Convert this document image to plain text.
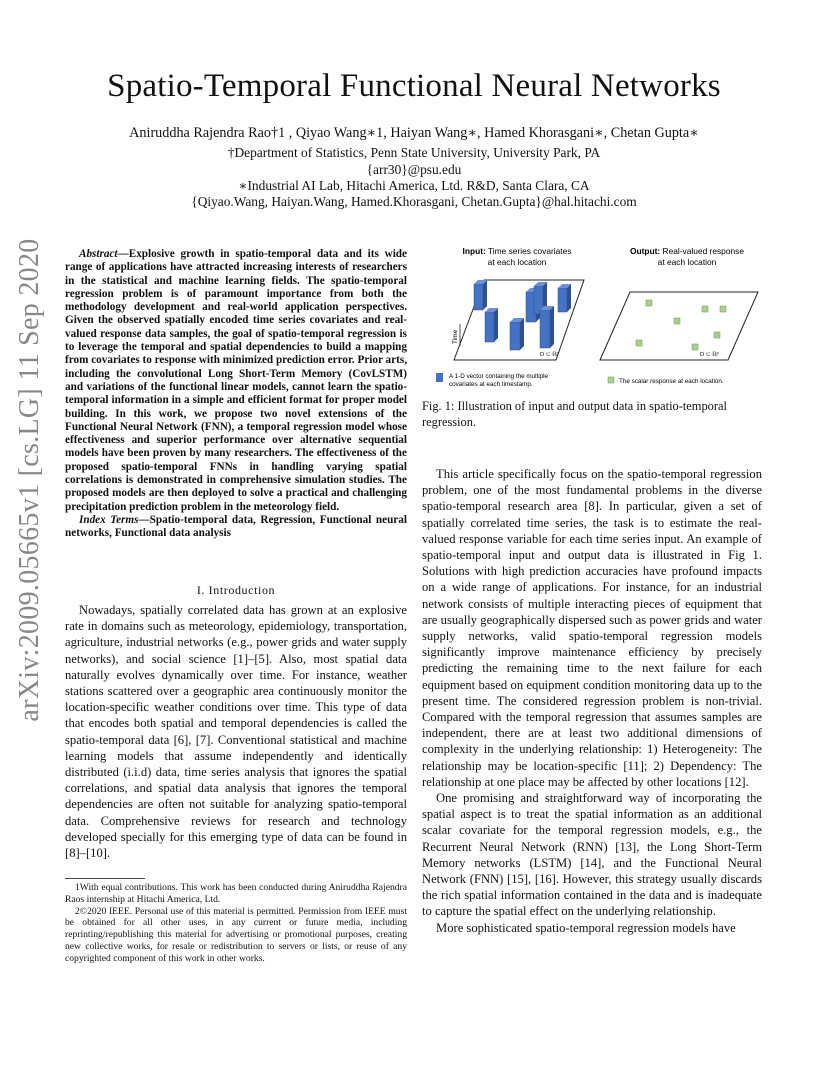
Spatio-Temporal Functional Neural Networks
Aniruddha Rajendra Rao†1 , Qiyao Wang∗1, Haiyan Wang∗, Hamed Khorasgani∗, Chetan Gupta∗
†Department of Statistics, Penn State University, University Park, PA
{arr30}@psu.edu
∗Industrial AI Lab, Hitachi America, Ltd. R&D, Santa Clara, CA
{Qiyao.Wang, Haiyan.Wang, Hamed.Khorasgani, Chetan.Gupta}@hal.hitachi.com
arXiv:2009.05665v1 [cs.LG] 11 Sep 2020	Abstract—Explosive growth in spatio-temporal data and its wide range of applications have attracted increasing interests of researchers in the statistical and machine learning fields. The spatio-temporal regression problem is of paramount importance from both the methodology development and real-world application perspectives. Given the observed spatially encoded time series covariates and real-valued response data samples, the goal of spatio-temporal regression is to leverage the temporal and spatial dependencies to build a mapping from covariates to response with minimized prediction error. Prior arts, including the convolutional Long Short-Term Memory (CovLSTM) and variations of the functional linear models, cannot learn the spatio-temporal information in a simple and efficient format for proper model building. In this work, we propose two novel extensions of the Functional Neural Network (FNN), a temporal regression model whose effectiveness and superior performance over alternative sequential models have been proven by many researchers. The effectiveness of the proposed spatio-temporal FNNs in handling varying spatial correlations is demonstrated in comprehensive simulation studies. The proposed models are then deployed to solve a practical and challenging precipitation prediction problem in the meteorology field.
Index Terms—Spatio-temporal data, Regression, Functional neural networks, Functional data analysis
I. Introduction

Nowadays, spatially correlated data has grown at an explosive rate in domains such as meteorology, epidemiology, transportation, agriculture, industrial networks (e.g., power grids and water supply networks), and social science [1]–[5]. Also, most spatial data naturally evolves dynamically over time. For instance, weather stations scattered over a geographic area continuously monitor the location-specific weather conditions over time. This type of data that encodes both spatial and temporal dependencies is called the spatio-temporal data [6], [7]. Conventional statistical and machine learning models that assume independently and identically distributed (i.i.d) data, time series analysis that ignores the spatial correlations, and spatial data analysis that ignores the temporal dependencies are often not suitable for analyzing spatio-temporal data. Comprehensive reviews for research and technology developed specially for this emerging type of data can be found in [8]–[10].

1With equal contributions. This work has been conducted during Aniruddha Rajendra Raos internship at Hitachi America, Ltd.
2©2020 IEEE. Personal use of this material is permitted. Permission from IEEE must be obtained for all other uses, in any current or future media, including reprinting/republishing this material for advertising or promotional purposes, creating new collective works, for resale or redistribution to servers or lists, or reuse of any copyrighted component of this work in other works.
Input: Time series covariates
at each location
Output: Real-valued response
at each location
Time
D ⊂ ℝ²	D ⊂ ℝ²
A 1-D vector containing the multiple covariates at each timestamp.	The scalar response at each location.
Fig. 1: Illustration of input and output data in spatio-temporal regression.

This article specifically focus on the spatio-temporal regression problem, one of the most fundamental problems in the diverse spatio-temporal research area [8]. In particular, given a set of spatially correlated time series, the task is to estimate the real-valued response variable for each time series input. An example of spatio-temporal input and output data is illustrated in Fig 1. Solutions with high prediction accuracies have profound impacts on a wide range of applications. For instance, for an industrial network consists of multiple interacting pieces of equipment that are usually geographically dispersed such as power grids and water supply networks, valid spatio-temporal regression models significantly improve maintenance efficiency by precisely predicting the remaining time to the next failure for each equipment based on equipment condition monitoring data up to the present time. The considered regression problem is non-trivial. Compared with the temporal regression that assumes samples are independent, there are at least two additional dimensions of complexity in the underlying relationship: 1) Heterogeneity: The relationship may be location-specific [11]; 2) Dependency: The relationship at one place may be affected by other locations [12].

One promising and straightforward way of incorporating the spatial aspect is to treat the spatial information as an additional scalar covariate for the temporal regression models, e.g., the Recurrent Neural Network (RNN) [13], the Long Short-Term Memory networks (LSTM) [14], and the Functional Neural Network (FNN) [15], [16]. However, this strategy usually discards the rich spatial information contained in the data and is inadequate to capture the spatial effect on the underlying relationship.

More sophisticated spatio-temporal regression models have
